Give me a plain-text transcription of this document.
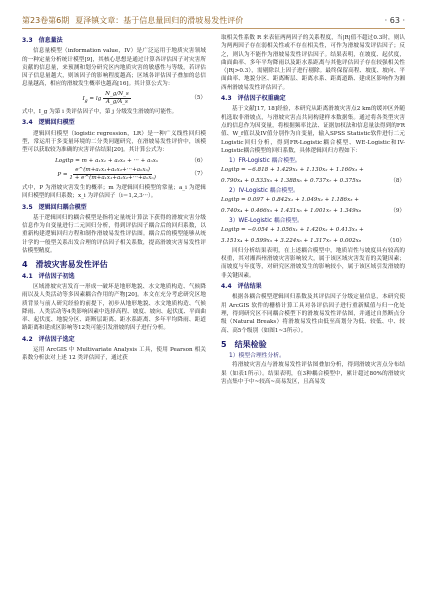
第23卷第6期 夏泽镇文章：基于信息量回归的滑坡易发性评价	· 63 ·
3.3　信息量法

信息量模型（information value，IV）是广泛运用于地质灾害领域的一种定量分析统计模型[9]，其核心思想是通过计算各评估因子对灾害所贡献的信息量，来预测和划分研究区内地质灾害的敏感性与等级，若评估因子信息量越大，则该因子的影响程度越高；区域各评估因子叠加的总信息量越高，相应的滑坡发生概率也越高[16]。其计算公式为：

$I_g = \lg \frac{N\_g/N\_s}{A\_g/A\_s}$	（5）

式中，I_g 为第 i 类评估因子中，第 j 分级发生滑坡的可能性。

3.4　逻辑回归模型

逻辑回归模型（logistic regression，LR）是一种广义线性回归模型，常运用于多变量环境的二分类问题研究，在滑坡易发性评价中，该模型可以获取较为准确的灾害评估结果[20]。其计算公式为：

Logitp = m + a₁x₁ + a₂x₂ + ··· + aₙxₙ	（6）
$P = \frac{\text{e\textasciicircum{}(m+a₁x₁+a₂x₂+···+aₙxₙ)}}{\text{1 + e\textasciicircum{}(m+a₁x₁+a₂x₂+···+aₙxₙ)}}$	（7）

式中，P 为滑坡灾害发生的概率；m 为逻辑回归模型的常量；a_i 为逻辑回归模型的回归系数；x_i 为评估因子（i＝1,2,3···）。

3.5　逻辑回归耦合模型

基于逻辑回归的耦合模型是指将定量统计算法下获得的滑坡灾害分级信息作为自变量进行二元回归分析，得到评估因子耦合后的回归系数，以重新构建逻辑回归方程和制作滑坡易发性评估图。耦合后的模型能够从统计学的一般型关系出发合理的评估因子相关系数，提高滑坡灾害易发性评估模型精度。

4　滑坡灾害易发性评估
4.1　评估因子初选

区域滑坡灾害发育一形成一破坏是地形地貌、水文地质构造、气候降雨以及人类活动等多因素耦合作用的产物[20]。本文在充分考虑研究区地质背景与前人研究经验的前提下，初步从地形地貌、水文地质构造、气候降雨、人类活动等4类影响因素中选择高程、坡度、坡向、起伏度、平面曲率、起伏度、地貌分区、距断层距离、距水系距离、多年平均降雨、距道路距离和建成区影响等12类可能引发滑坡的因子进行分析。

4.2　评估因子选定

运用 ArcGIS 中 Multivariate Analysis 工具，使用 Pearson 相关系数分析法对上述 12 类评估因子，通过获

取相关性系数 R 来表征两两因子的关系程度，当|R|值不超过0.3时，则认为两两因子存在弱相关性或不存在相关性，可作为滑坡易发评估因子；反之，则认为不能作为滑坡易发性评估因子。结果表明，在坡度、起伏度，曲面曲率、多年平均降雨以及距水系距离与其他评估因子存在较强相关性（|R|>0.3），需剔除以上因子进行剔除。最终保留高程、坡度、坡向、平面曲率、地貌分区、距离断层、距离水系、距离道路、建成区影响作为湘西州滑坡易发性评估因子。

4.3　评估因子权重确定

基于文献[17, 18]经验，本研究从距离滑坡灾害点2 km的缓冲区外随机选取非滑坡点，与滑坡灾害点共同构建样本数据集。通过将各类型灾害点的信息作为因变量，将根据频率比法、证据加权法和信息量法得到的FR值、W_f值以及IV值分别作为自变量，输入SPSS Statistic软件进行二元Logistic回归分析，得到FR-Logistic耦合模型、WE-Logistic和IV-Logistic耦合模型的回归系数，具体逻辑回归方程如下：

1）FR-Logistic 耦合模型。

Logitp = −6.818 + 1.429x₁ + 1.130x₂ + 1.160x₃ +

0.790x₄ + 0.533x₅ + 1.388x₆ + 0.737x₇ + 0.375x₈	（8）
2）IV-Logistic 耦合模型。

Logitp = 0.097 + 0.842x₁ + 1.049x₂ + 1.186x₃ +

0.740x₄ + 0.466x₅ + 1.431x₆ + 1.001x₇ + 1.349x₈	（9）
3）WE-Logistic 耦合模型。

Logitp = −0.054 + 1.056x₁ + 1.420x₂ + 0.413x₃ +

3.151x₄ + 0.599x₅ + 3.224x₆ + 1.317x₇ + 0.002x₈	（10）

回归分析结果表明，在上述耦合模型中，地质岩性与坡度具有较高的权重，其对湘西州滑坡灾害影响较大，属于该区域灾害发育的关键因素；而坡度与年度等，对研究区滑坡发生的影响较小，属于该区域引发滑坡的非关键因素。

4.4　评估结果

根据各耦合模型逻辑回归系数及其评估因子分级定量信息，本研究使用 ArcGIS 软件的栅格计算工具对各评估因子进行重新赋值与归一化处理，得到研究区不同耦合模型下的滑坡易发性评估图，并通过自然断点分级（Natural Breaks）将滑坡易发性由低至高划分为低、较低、中、较高、高5个级别（如图1~3所示）。

5　结果检验
1）模型合理性分析。

将滑坡灾害点与滑坡易发性评估图叠加分析，得到滑坡灾害点分布结果（如表1所示）。结果表明，在3种耦合模型中，累计超过80%的滑坡灾害点集中于中~较高~高易发区，且高易发
